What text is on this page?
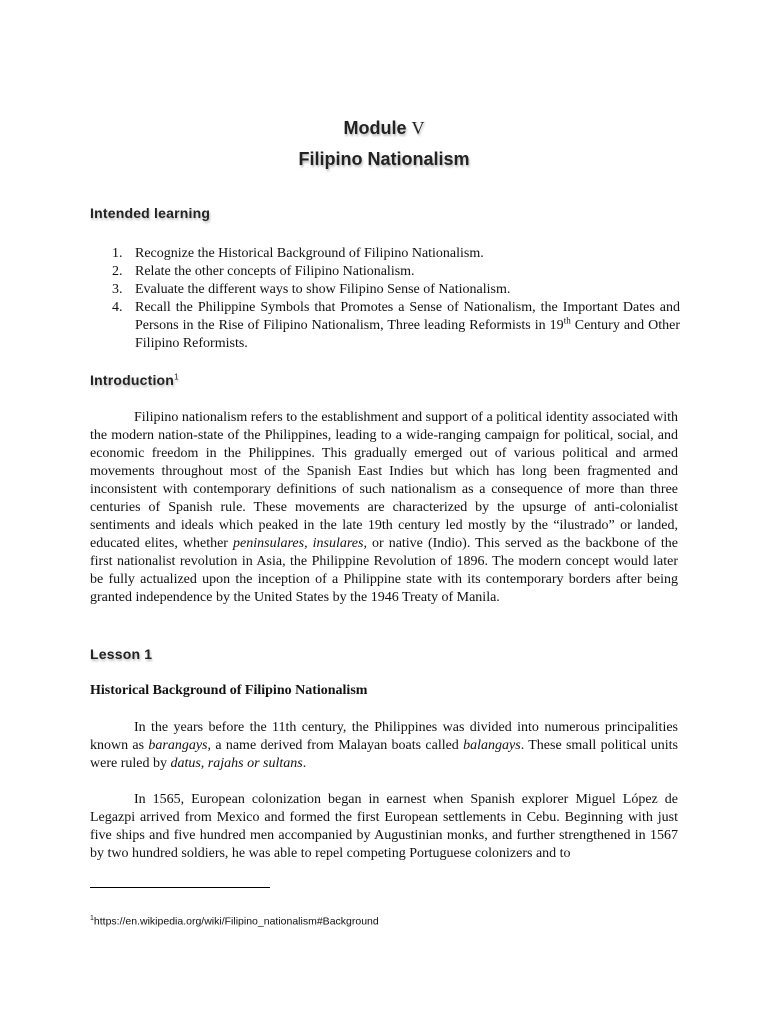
Module V
Filipino Nationalism
Intended learning
1. Recognize the Historical Background of Filipino Nationalism.
2. Relate the other concepts of Filipino Nationalism.
3. Evaluate the different ways to show Filipino Sense of Nationalism.
4. Recall the Philippine Symbols that Promotes a Sense of Nationalism, the Important Dates and Persons in the Rise of Filipino Nationalism, Three leading Reformists in 19th Century and Other Filipino Reformists.
Introduction$^1$

Filipino nationalism refers to the establishment and support of a political identity associated with the modern nation-state of the Philippines, leading to a wide-ranging campaign for political, social, and economic freedom in the Philippines. This gradually emerged out of various political and armed movements throughout most of the Spanish East Indies but which has long been fragmented and inconsistent with contemporary definitions of such nationalism as a consequence of more than three centuries of Spanish rule. These movements are characterized by the upsurge of anti-colonialist sentiments and ideals which peaked in the late 19th century led mostly by the “ilustrado” or landed, educated elites, whether peninsulares, insulares, or native (Indio). This served as the backbone of the first nationalist revolution in Asia, the Philippine Revolution of 1896. The modern concept would later be fully actualized upon the inception of a Philippine state with its contemporary borders after being granted independence by the United States by the 1946 Treaty of Manila.

Lesson 1

Historical Background of Filipino Nationalism

In the years before the 11th century, the Philippines was divided into numerous principalities known as barangays, a name derived from Malayan boats called balangays. These small political units were ruled by datus, rajahs or sultans.

In 1565, European colonization began in earnest when Spanish explorer Miguel López de Legazpi arrived from Mexico and formed the first European settlements in Cebu. Beginning with just five ships and five hundred men accompanied by Augustinian monks, and further strengthened in 1567 by two hundred soldiers, he was able to repel competing Portuguese colonizers and to

$^1$https://en.wikipedia.org/wiki/Filipino_nationalism#Background
